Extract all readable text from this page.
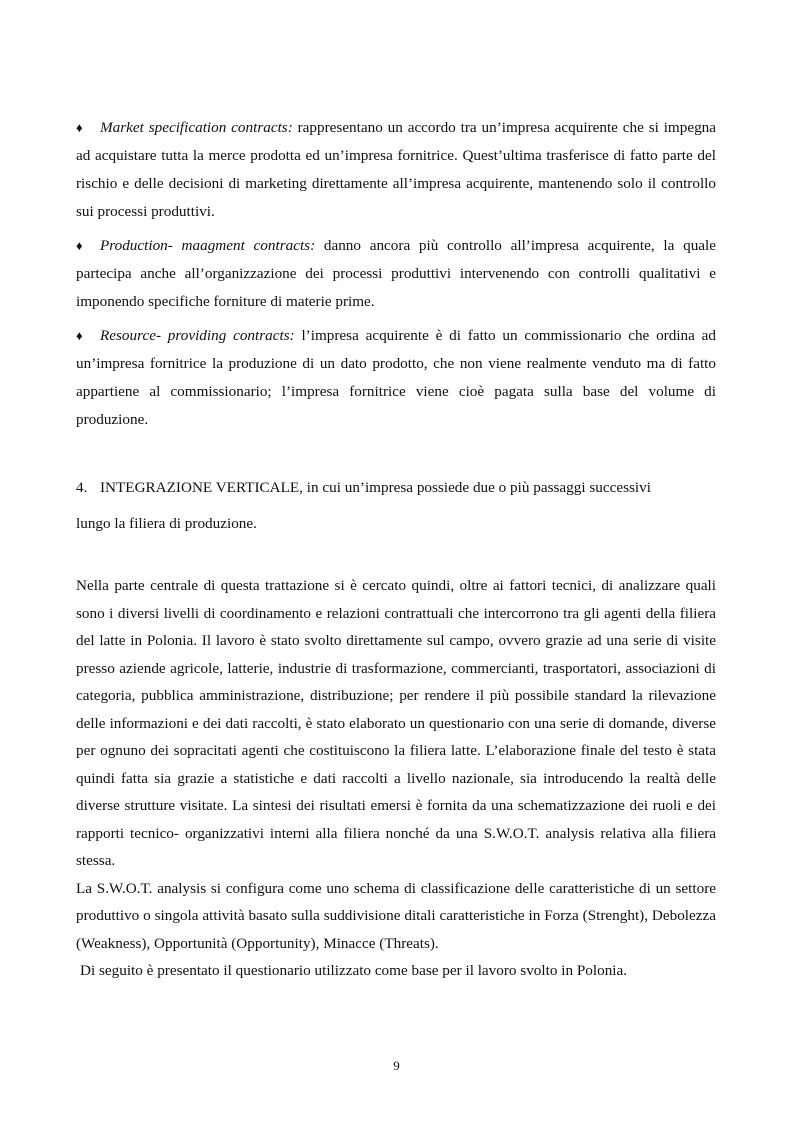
♦ Market specification contracts: rappresentano un accordo tra un’impresa acquirente che si impegna ad acquistare tutta la merce prodotta ed un’impresa fornitrice. Quest’ultima trasferisce di fatto parte del rischio e delle decisioni di marketing direttamente all’impresa acquirente, mantenendo solo il controllo sui processi produttivi.

♦ Production- maagment contracts: danno ancora più controllo all’impresa acquirente, la quale partecipa anche all’organizzazione dei processi produttivi intervenendo con controlli qualitativi e imponendo specifiche forniture di materie prime.

♦ Resource- providing contracts: l’impresa acquirente è di fatto un commissionario che ordina ad un’impresa fornitrice la produzione di un dato prodotto, che non viene realmente venduto ma di fatto appartiene al commissionario; l’impresa fornitrice viene cioè pagata sulla base del volume di produzione.

4. INTEGRAZIONE VERTICALE, in cui un’impresa possiede due o più passaggi successivi
lungo la filiera di produzione.

Nella parte centrale di questa trattazione si è cercato quindi, oltre ai fattori tecnici, di analizzare quali sono i diversi livelli di coordinamento e relazioni contrattuali che intercorrono tra gli agenti della filiera del latte in Polonia. Il lavoro è stato svolto direttamente sul campo, ovvero grazie ad una serie di visite presso aziende agricole, latterie, industrie di trasformazione, commercianti, trasportatori, associazioni di categoria, pubblica amministrazione, distribuzione; per rendere il più possibile standard la rilevazione delle informazioni e dei dati raccolti, è stato elaborato un questionario con una serie di domande, diverse per ognuno dei sopracitati agenti che costituiscono la filiera latte. L’elaborazione finale del testo è stata quindi fatta sia grazie a statistiche e dati raccolti a livello nazionale, sia introducendo la realtà delle diverse strutture visitate. La sintesi dei risultati emersi è fornita da una schematizzazione dei ruoli e dei rapporti tecnico- organizzativi interni alla filiera nonché da una S.W.O.T. analysis relativa alla filiera stessa.

La S.W.O.T. analysis si configura come uno schema di classificazione delle caratteristiche di un settore produttivo o singola attività basato sulla suddivisione ditali caratteristiche in Forza (Strenght), Debolezza (Weakness), Opportunità (Opportunity), Minacce (Threats).

Di seguito è presentato il questionario utilizzato come base per il lavoro svolto in Polonia.

9
